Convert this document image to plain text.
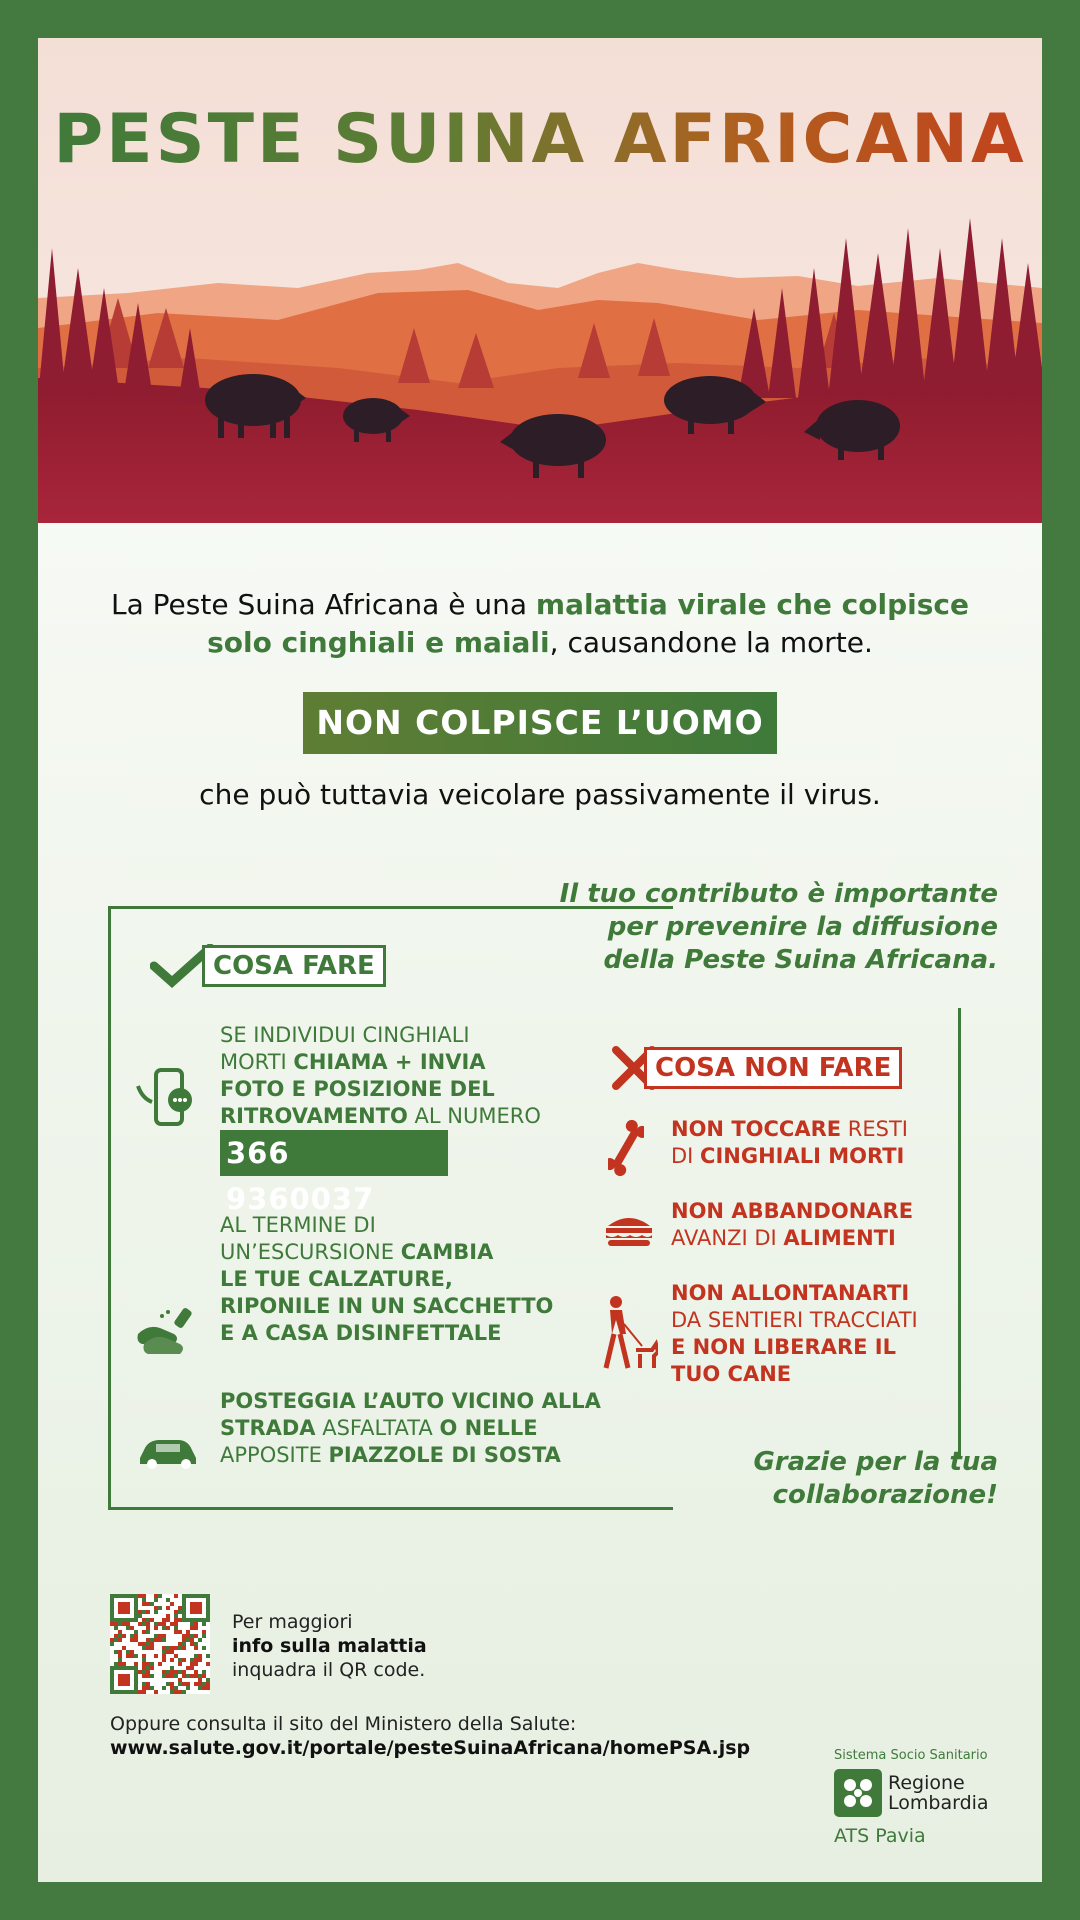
PESTE SUINA AFRICANA

La Peste Suina Africana è una malattia virale che colpisce solo cinghiali e maiali, causandone la morte.

NON COLPISCE L’UOMO
che può tuttavia veicolare passivamente il virus.
Il tuo contributo è importante
per prevenire la diffusione
della Peste Suina Africana.
COSA FARE
COSA NON FARE
SE INDIVIDUI CINGHIALI
MORTI CHIAMA + INVIA
FOTO E POSIZIONE DEL
RITROVAMENTO AL NUMERO
366 9360037
AL TERMINE DI
UN’ESCURSIONE CAMBIA
LE TUE CALZATURE,
RIPONILE IN UN SACCHETTO
E A CASA DISINFETTALE
POSTEGGIA L’AUTO VICINO ALLA
STRADA ASFALTATA O NELLE
APPOSITE PIAZZOLE DI SOSTA
NON TOCCARE RESTI
DI CINGHIALI MORTI
NON ABBANDONARE
AVANZI DI ALIMENTI
NON ALLONTANARTI
DA SENTIERI TRACCIATI
E NON LIBERARE IL
TUO CANE
Grazie per la tua
collaborazione!
Per maggiori
info sulla malattia
inquadra il QR code.
Oppure consulta il sito del Ministero della Salute:
www.salute.gov.it/portale/pesteSuinaAfricana/homePSA.jsp	Sistema Socio Sanitario
Regione
Lombardia
ATS Pavia
